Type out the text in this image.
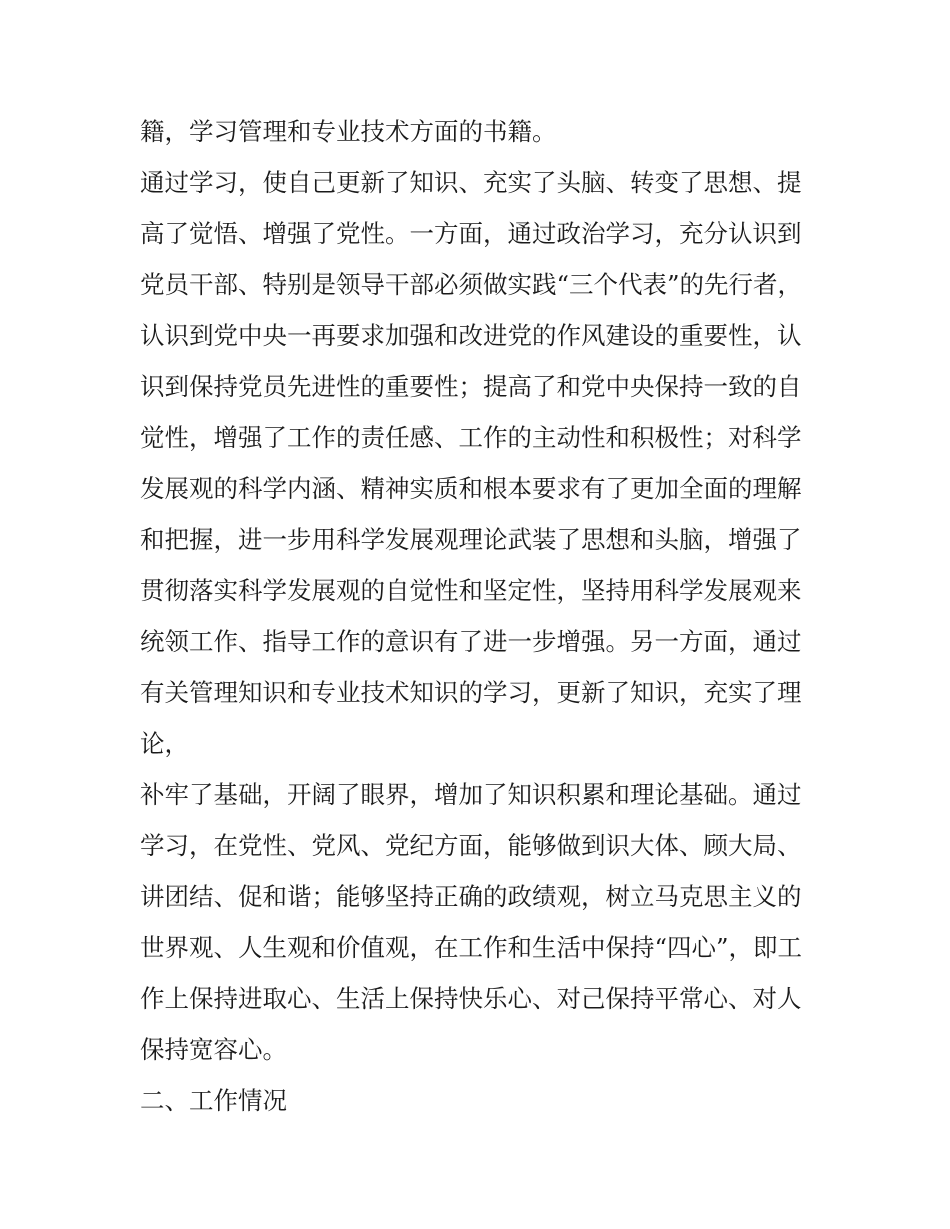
籍，学习管理和专业技术方面的书籍。
通过学习，使自己更新了知识、充实了头脑、转变了思想、提
高了觉悟、增强了党性。一方面，通过政治学习，充分认识到
党员干部、特别是领导干部必须做实践“三个代表”的先行者，
认识到党中央一再要求加强和改进党的作风建设的重要性，认
识到保持党员先进性的重要性；提高了和党中央保持一致的自
觉性，增强了工作的责任感、工作的主动性和积极性；对科学
发展观的科学内涵、精神实质和根本要求有了更加全面的理解
和把握，进一步用科学发展观理论武装了思想和头脑，增强了
贯彻落实科学发展观的自觉性和坚定性，坚持用科学发展观来
统领工作、指导工作的意识有了进一步增强。另一方面，通过
有关管理知识和专业技术知识的学习，更新了知识，充实了理
论，
补牢了基础，开阔了眼界，增加了知识积累和理论基础。通过
学习，在党性、党风、党纪方面，能够做到识大体、顾大局、
讲团结、促和谐；能够坚持正确的政绩观，树立马克思主义的
世界观、人生观和价值观，在工作和生活中保持“四心”，即工
作上保持进取心、生活上保持快乐心、对己保持平常心、对人
保持宽容心。
二、工作情况
